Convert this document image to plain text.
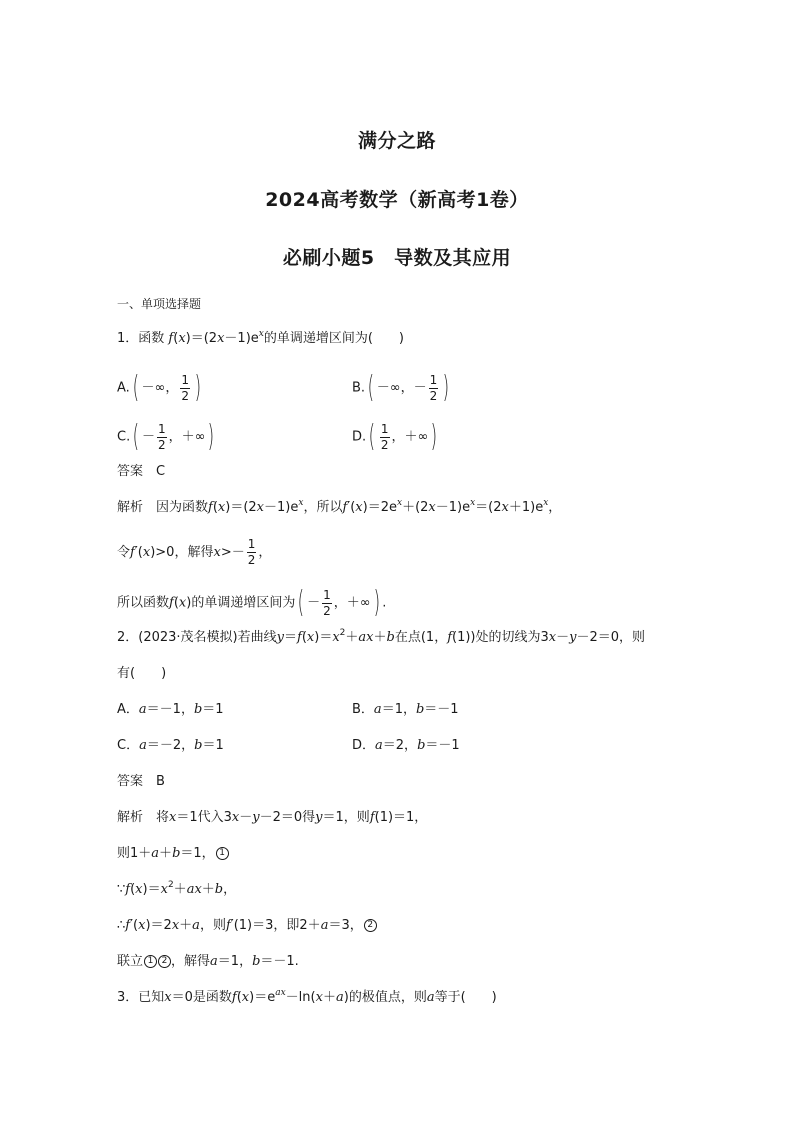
满分之路
2024高考数学（新高考1卷）
必刷小题5　导数及其应用
一、单项选择题
1．函数 $f(x)=(2x-1)e^x$的单调递增区间为(　　)
A.( －∞， $\frac{1}{2}$ )	B.( －∞，－ $\frac{1}{2}$ )
$C.( - \frac{1}{2}$ ，＋∞)	$D.( \frac{1}{2}$ ，＋∞)
答案　C
解析　因为函数$f(x)=(2x-1)e^x$，所以$f'(x)=2e^x+(2x-1)e^x=(2x+1)e^x$，
令f′(x)>0，解得$x>- \frac{1}{2}$ ，
所以函数f(x)的单调递增区间为( － $\frac{1}{2}$ ，＋∞) .
2．(2023·茂名模拟)若曲线$y=f(x)=x^2+ax+b$在点(1，f(1))处的切线为3x－y－2＝0，则
有(　　)
A．a＝－1，b＝1	B．a＝1，b＝－1
C．a＝－2，b＝1	D．a＝2，b＝－1
答案　B
解析　将x＝1代入3x－y－2＝0得y＝1，则f(1)＝1，
则1＋a＋b＝1， 1
$\because f(x)=x^2+ax+b$，
∴f′(x)＝2x＋a，则f′(1)＝3，即2＋a＝3， 2
联立 1 2 ，解得a＝1，b＝－1.
3．已知x＝0是函数$f(x)=e^{ax}-\ln(x+a)$的极值点，则a等于(　　)
